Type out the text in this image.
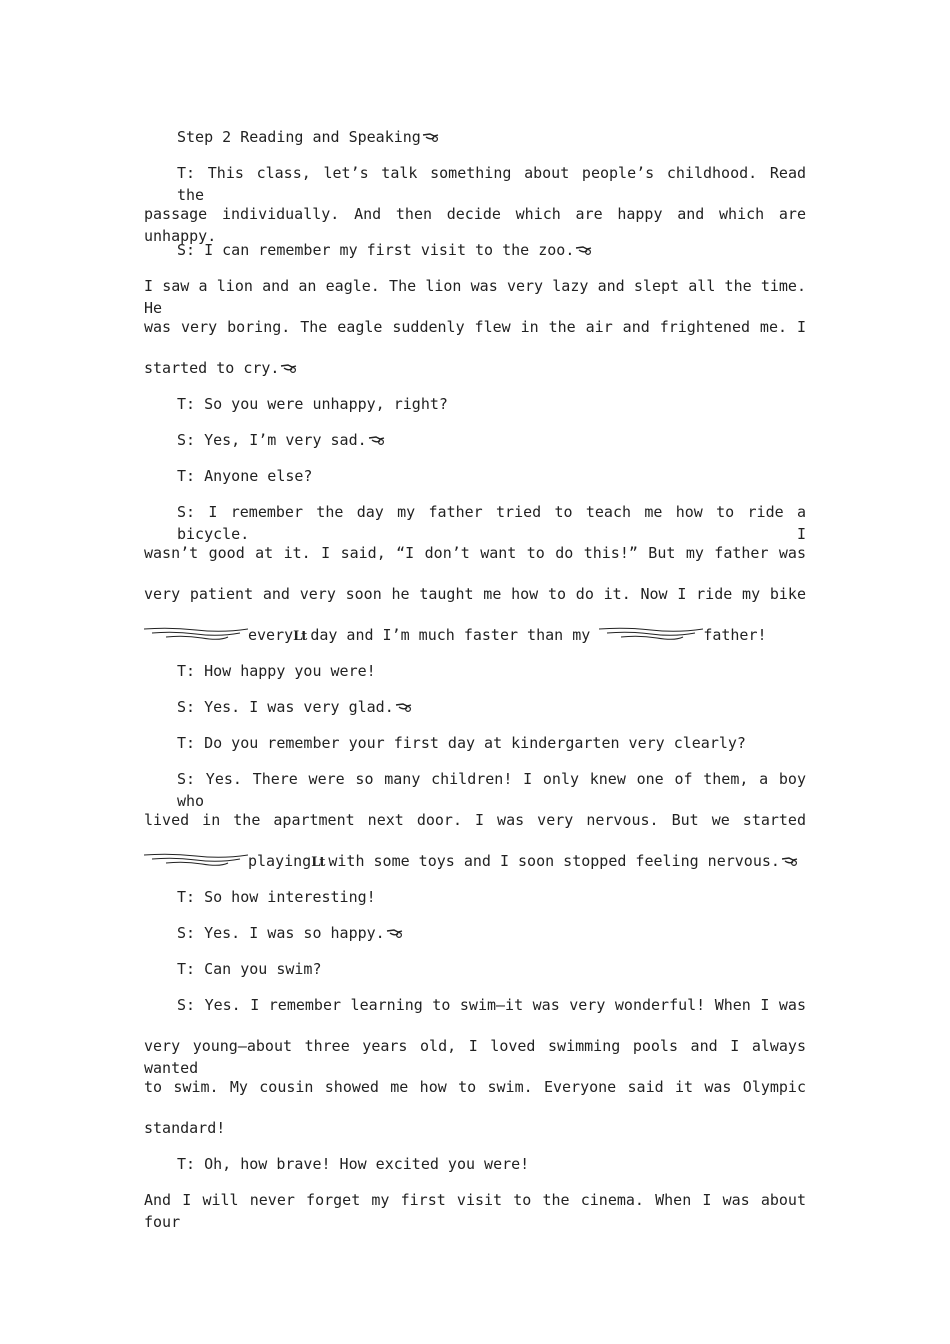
Step 2 Reading and Speaking
T: This class, let’s talk something about people’s childhood. Read the
passage individually. And then decide which are happy and which are unhappy.
S: I can remember my first visit to the zoo.
I saw a lion and an eagle. The lion was very lazy and slept all the time. He
was very boring. The eagle suddenly flew in the air and frightened me. I
started to cry.
T: So you were unhappy, right?
S: Yes, I’m very sad.
T: Anyone else?
S: I remember the day my father tried to teach me how to ride a bicycle. I
wasn’t good at it. I said, “I don’t want to do this!” But my father was
very patient and very soon he taught me how to do it. Now I ride my bike
everyLt day and I’m much faster than my	father!
T: How happy you were!
S: Yes. I was very glad.
T: Do you remember your first day at kindergarten very clearly?
S: Yes. There were so many children! I only knew one of them, a boy who
lived in the apartment next door. I was very nervous. But we started
playingLt with some toys and I soon stopped feeling nervous.
T: So how interesting!
S: Yes. I was so happy.
T: Can you swim?
S: Yes. I remember learning to swim—it was very wonderful! When I was
very young—about three years old, I loved swimming pools and I always wanted
to swim. My cousin showed me how to swim. Everyone said it was Olympic
standard!
T: Oh, how brave! How excited you were!
And I will never forget my first visit to the cinema. When I was about four
